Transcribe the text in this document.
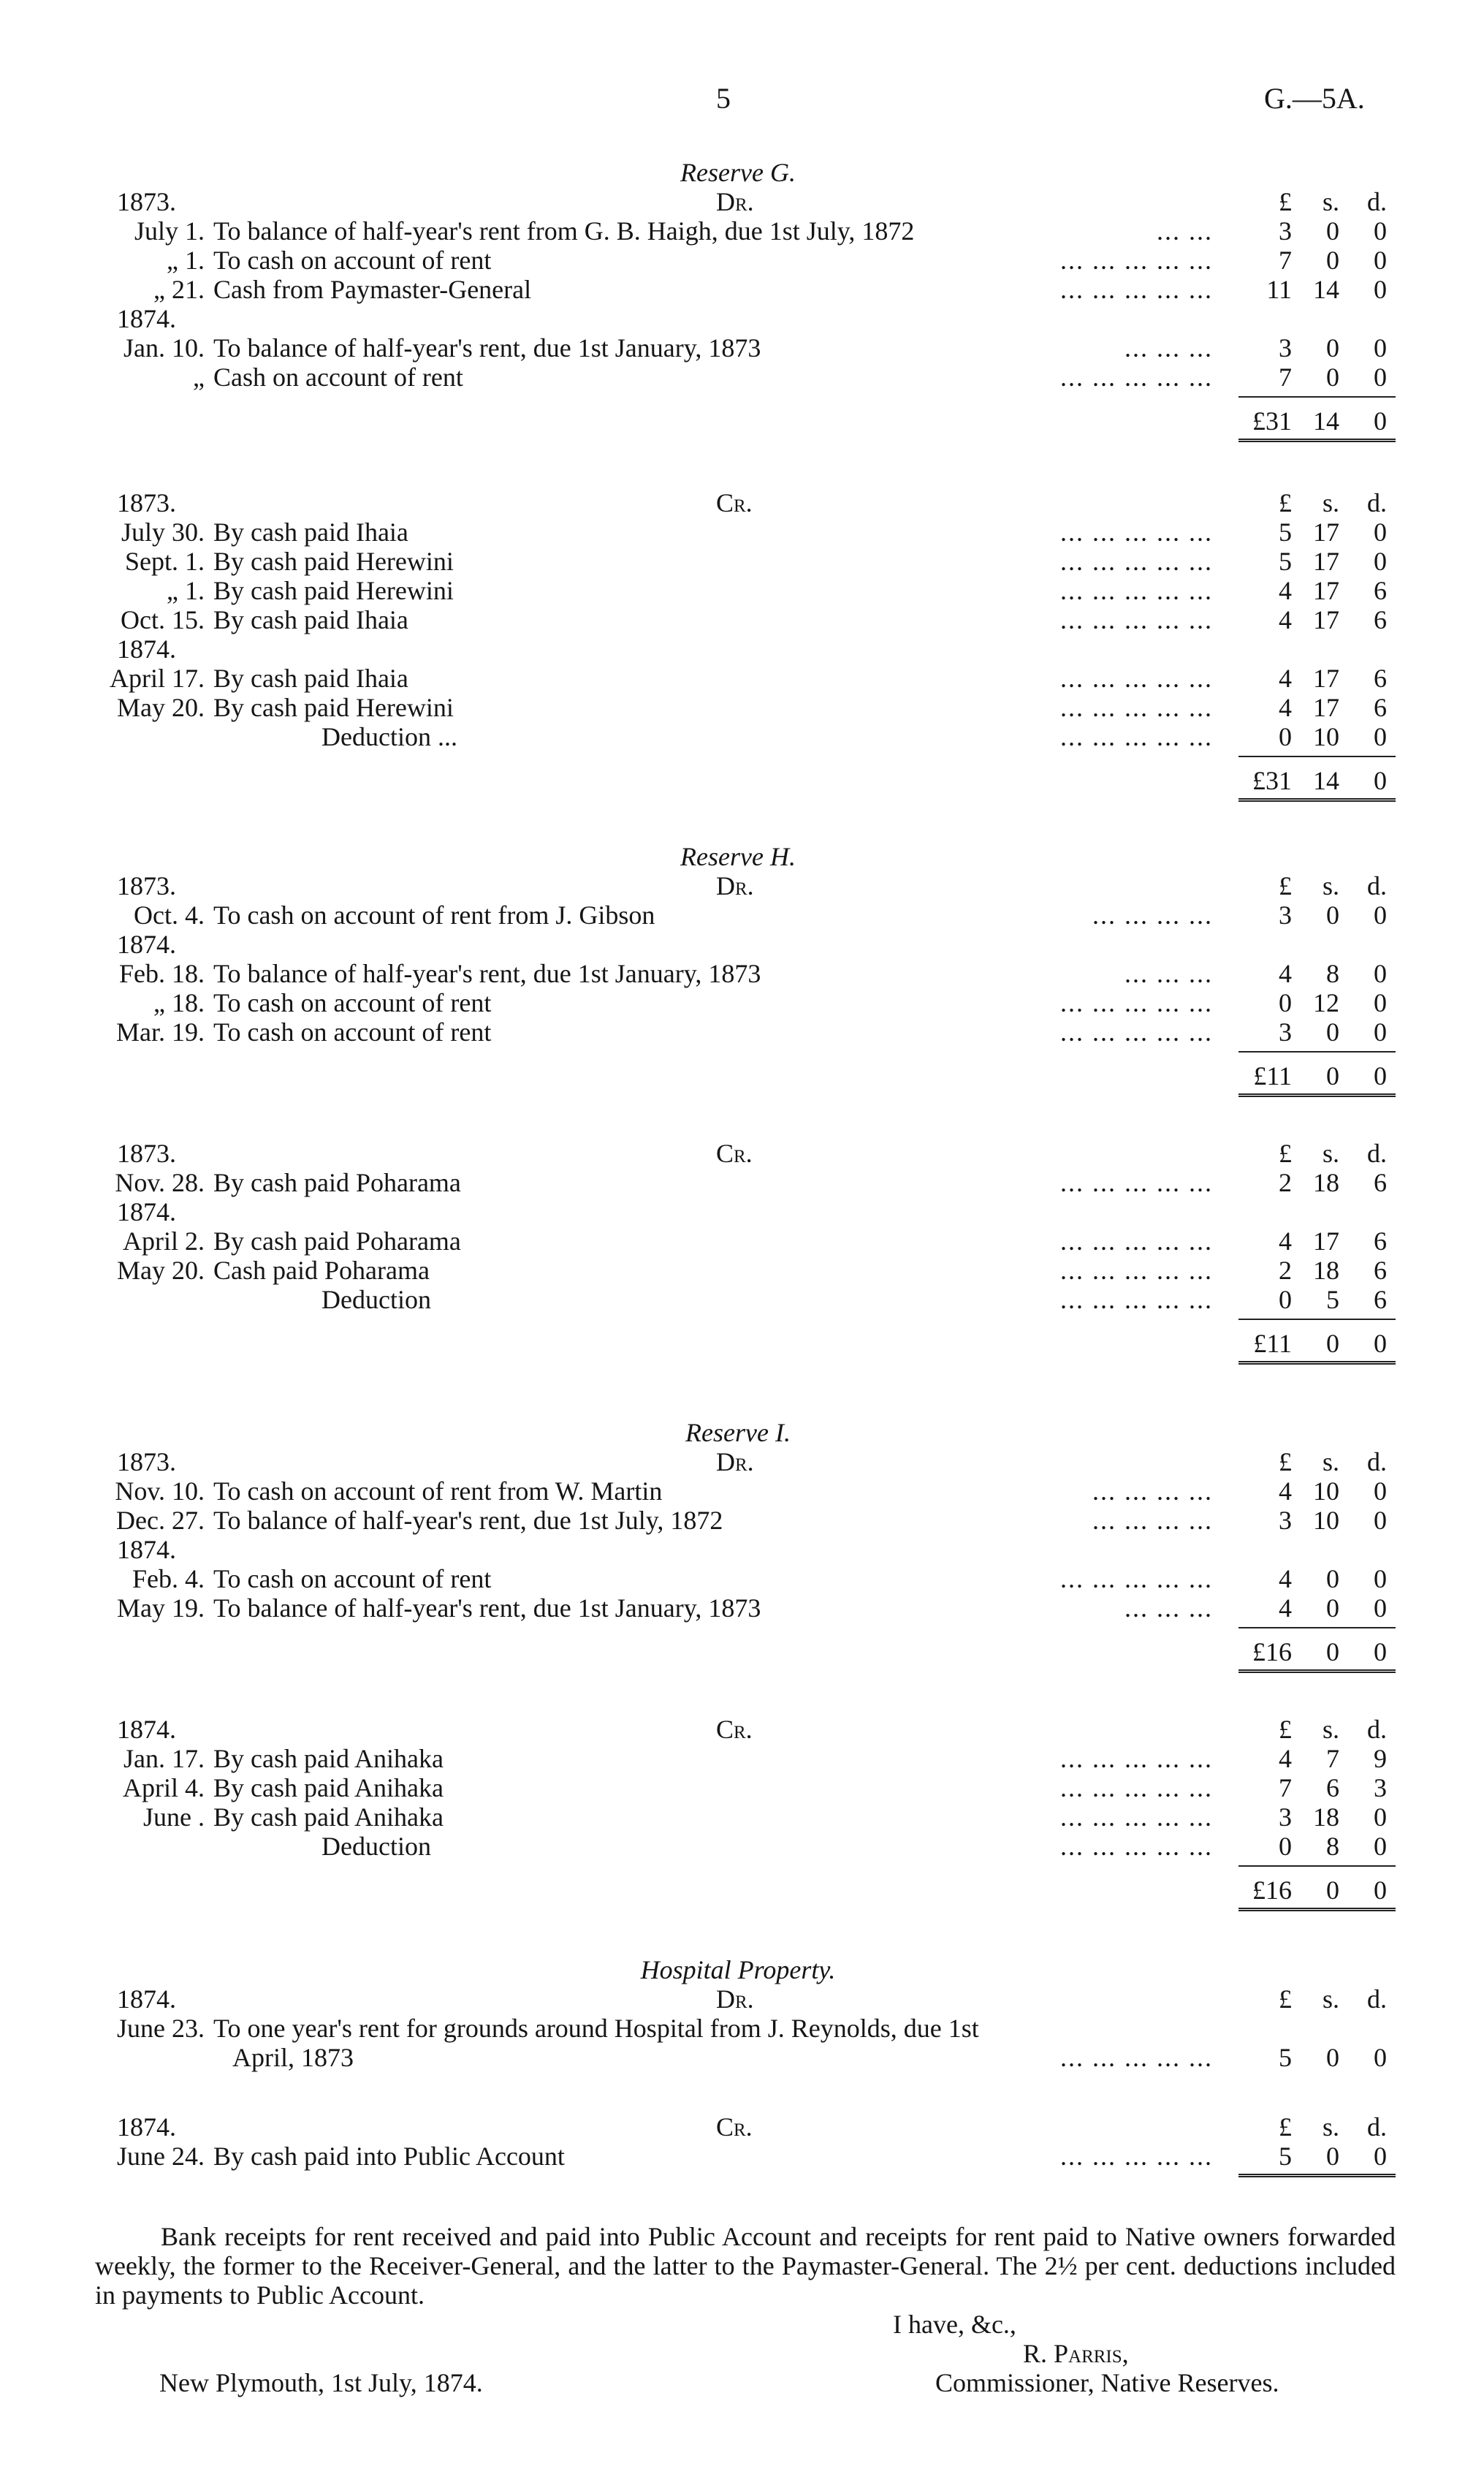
5	G.—5A.
Reserve G.
1873.	Dr.	£	s.	d.
July 1. To balance of half-year's rent from G. B. Haigh, due 1st July, 1872	... ...	3	0	0
„ 1. To cash on account of rent	... ... ... ... ...	7	0	0
„ 21. Cash from Paymaster-General	... ... ... ... ...	11 14	0
1874.
Jan. 10. To balance of half-year's rent, due 1st January, 1873	... ... ...	3	0	0
„ Cash on account of rent	... ... ... ... ...	7	0	0
£31 14	0
1873.	Cr.	£	s.	d.
July 30. By cash paid Ihaia	... ... ... ... ...	5 17	0
Sept. 1. By cash paid Herewini	... ... ... ... ...	5 17	0
„ 1. By cash paid Herewini	... ... ... ... ...	4 17	6
Oct. 15. By cash paid Ihaia	... ... ... ... ...	4 17	6
1874.
April 17. By cash paid Ihaia	... ... ... ... ...	4 17	6
May 20. By cash paid Herewini	... ... ... ... ...	4 17	6
Deduction ...	... ... ... ... ...	0 10	0
£31 14	0
Reserve H.
1873.	Dr.	£	s.	d.
Oct. 4. To cash on account of rent from J. Gibson	... ... ... ...	3	0	0
1874.
Feb. 18. To balance of half-year's rent, due 1st January, 1873	... ... ...	4	8	0
„ 18. To cash on account of rent	... ... ... ... ...	0 12	0
Mar. 19. To cash on account of rent	... ... ... ... ...	3	0	0
£11	0	0
1873.	Cr.	£	s.	d.
Nov. 28. By cash paid Poharama	... ... ... ... ...	2 18	6
1874.
April 2. By cash paid Poharama	... ... ... ... ...	4 17	6
May 20. Cash paid Poharama	... ... ... ... ...	2 18	6
Deduction	... ... ... ... ...	0	5	6
£11	0	0
Reserve I.
1873.	Dr.	£	s.	d.
Nov. 10. To cash on account of rent from W. Martin	... ... ... ...	4 10	0
Dec. 27. To balance of half-year's rent, due 1st July, 1872	... ... ... ...	3 10	0
1874.
Feb. 4. To cash on account of rent	... ... ... ... ...	4	0	0
May 19. To balance of half-year's rent, due 1st January, 1873	... ... ...	4	0	0
£16	0	0
1874.	Cr.	£	s.	d.
Jan. 17. By cash paid Anihaka	... ... ... ... ...	4	7	9
April 4. By cash paid Anihaka	... ... ... ... ...	7	6	3
June . By cash paid Anihaka	... ... ... ... ...	3 18	0
Deduction	... ... ... ... ...	0	8	0
£16	0	0
Hospital Property.
1874.	Dr.	£	s.	d.
June 23. To one year's rent for grounds around Hospital from J. Reynolds, due 1st
April, 1873	... ... ... ... ...	5	0	0
1874.	Cr.	£	s.	d.
June 24. By cash paid into Public Account	... ... ... ... ...	5	0	0

Bank receipts for rent received and paid into Public Account and receipts for rent paid to Native owners forwarded weekly, the former to the Receiver-General, and the latter to the Paymaster-General. The 2½ per cent. deductions included in payments to Public Account.

I have, &c.,
R. Parris,
Commissioner, Native Reserves.
New Plymouth, 1st July, 1874.
